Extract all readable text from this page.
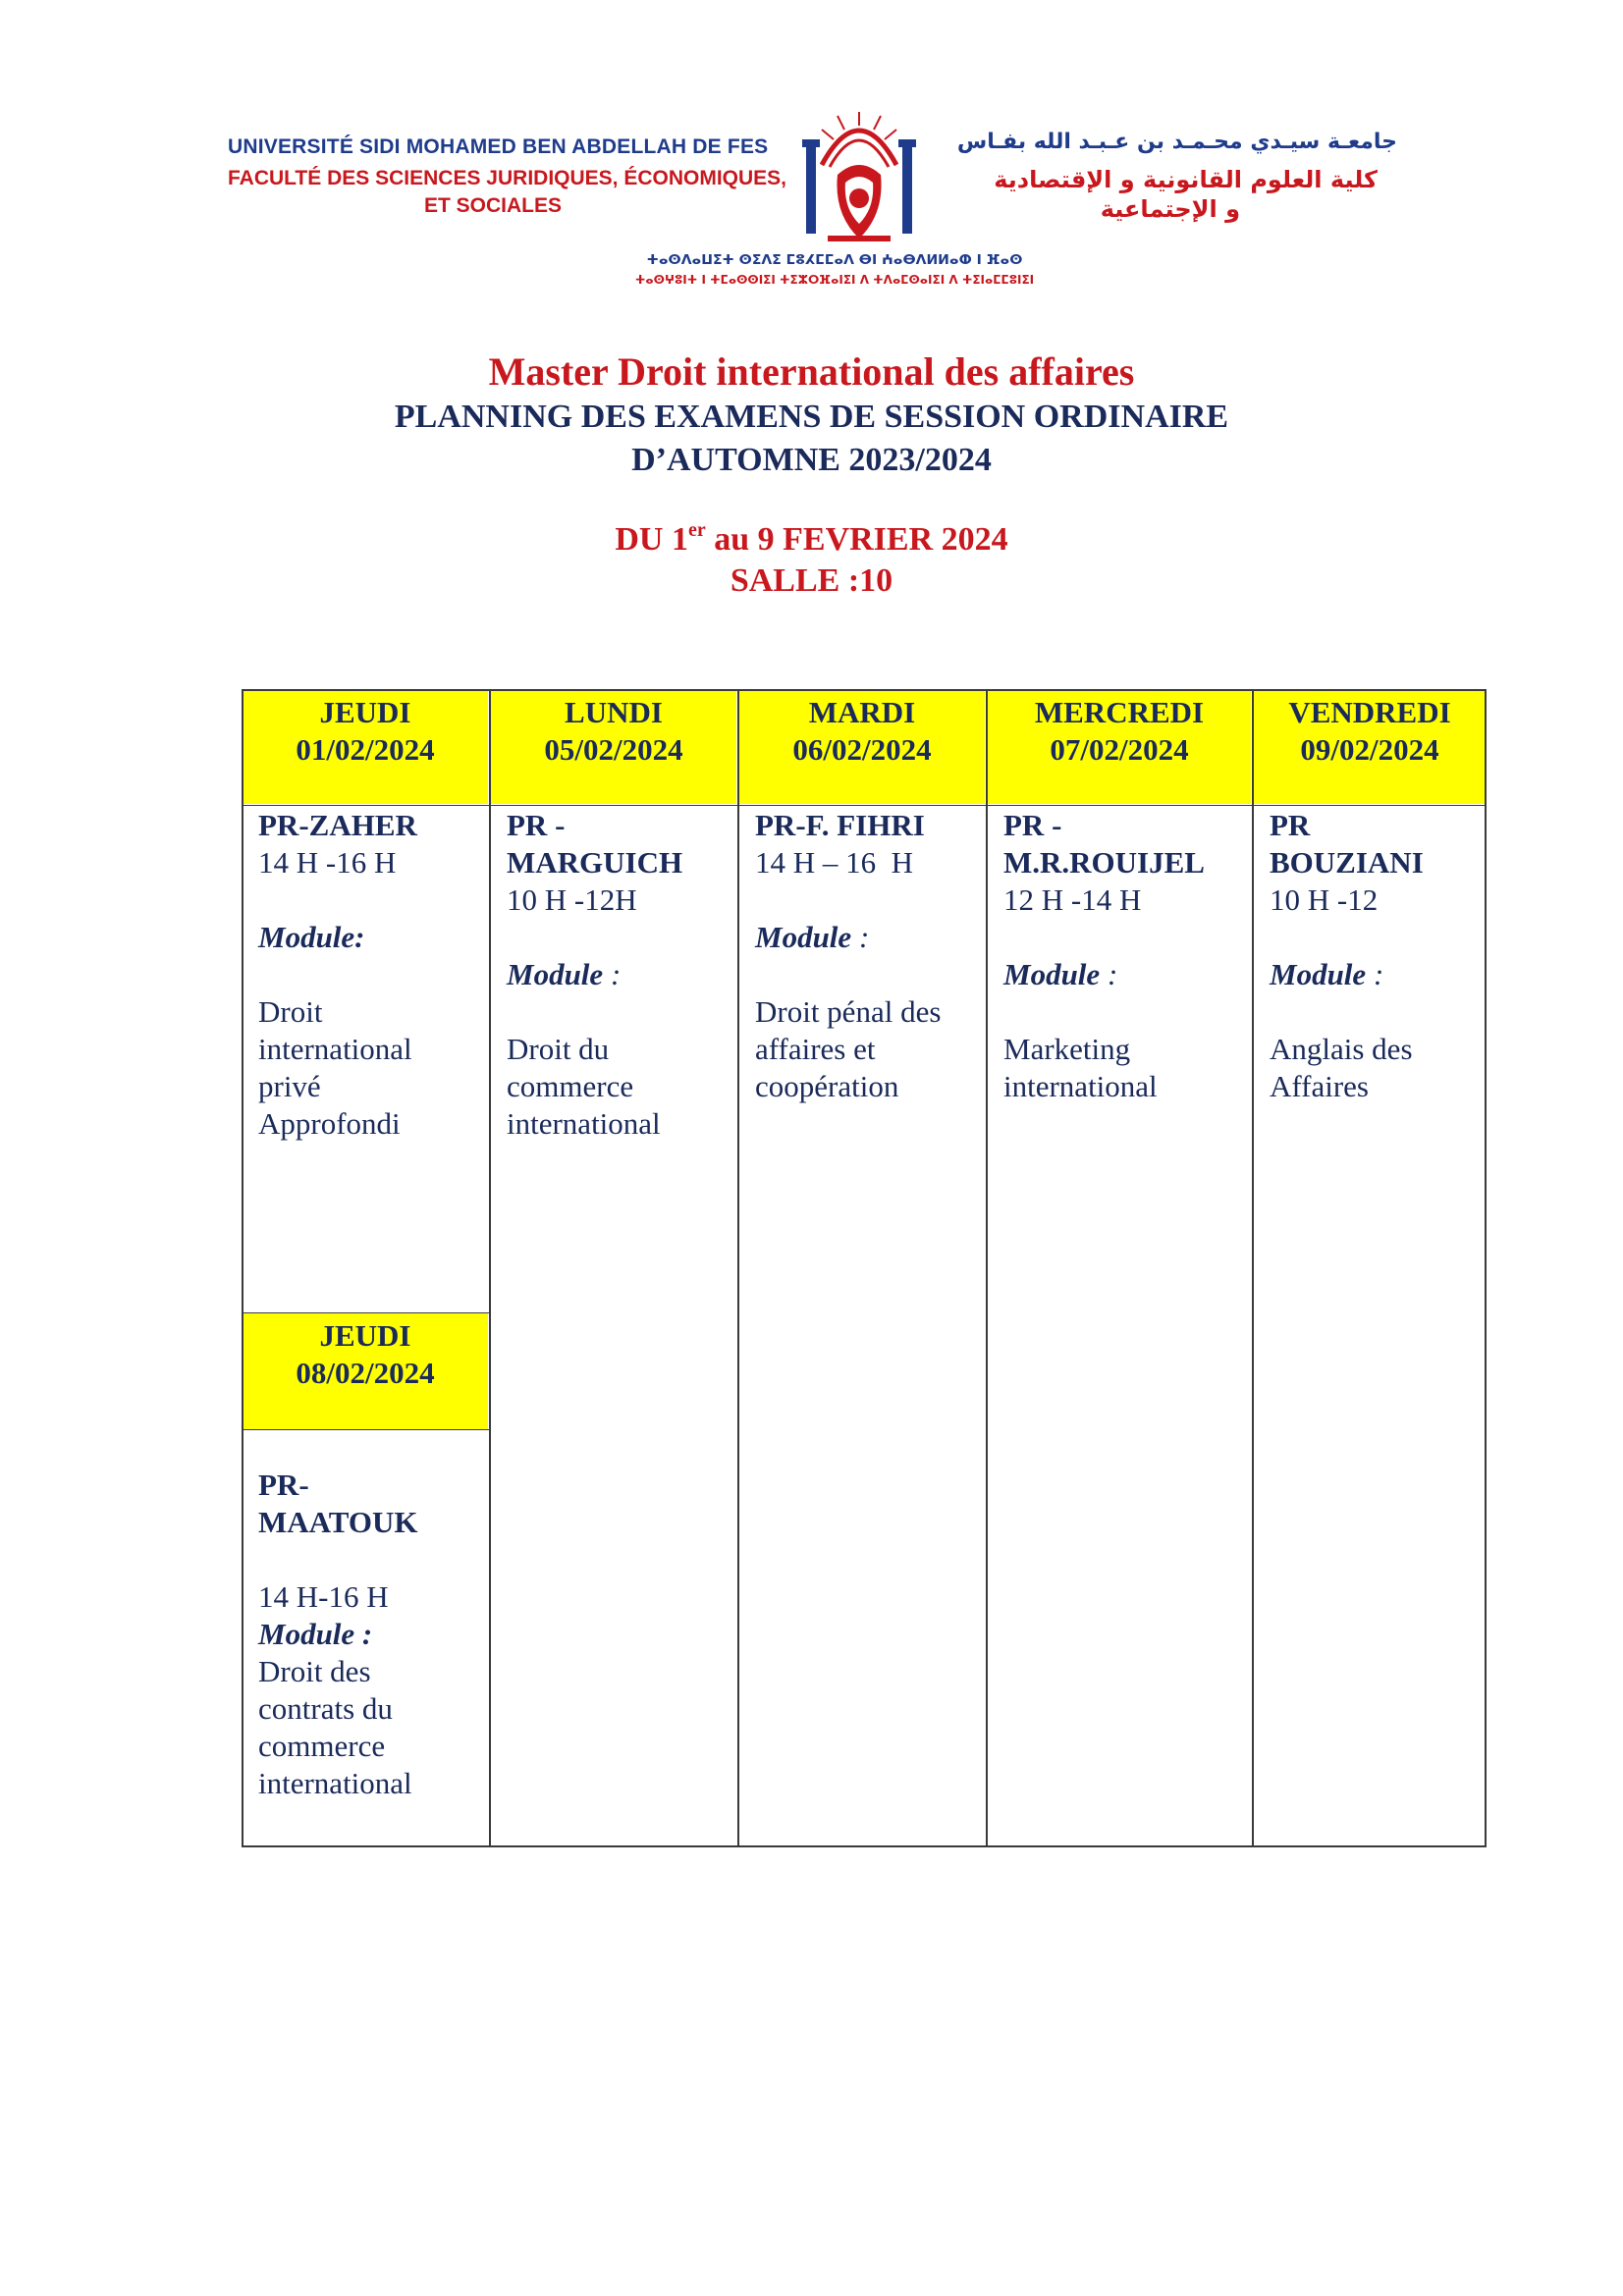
UNIVERSITÉ SIDI MOHAMED BEN ABDELLAH DE FES
FACULTÉ DES SCIENCES JURIDIQUES, ÉCONOMIQUES,
ET SOCIALES
جامعـة سيـدي محـمـد بن عـبـد الله بفـاس
كلية العلوم القانونية و الإقتصادية
و الإجتماعية
ⵜⴰⵙⴷⴰⵡⵉⵜ ⵙⵉⴷⵉ ⵎⵓⵃⵎⵎⴰⴷ ⴱⵏ ⵄⴰⴱⴷⵍⵍⴰⵀ ⵏ ⴼⴰⵙ
ⵜⴰⵙⵖⵓⵏⵜ ⵏ ⵜⵎⴰⵙⵙⵏⵉⵏ ⵜⵉⵣⵔⴼⴰⵏⵉⵏ ⴷ ⵜⴷⴰⵎⵙⴰⵏⵉⵏ ⴷ ⵜⵉⵏⴰⵎⵎⵓⵏⵉⵏ
Master Droit international des affaires
PLANNING DES EXAMENS DE SESSION ORDINAIRE
D’AUTOMNE 2023/2024
DU 1er au 9 FEVRIER 2024
SALLE :10
JEUDI
01/02/2024
LUNDI
05/02/2024
MARDI
06/02/2024
MERCREDI
07/02/2024
VENDREDI
09/02/2024
JEUDI
08/02/2024
PR-ZAHER
14 H -16 H
Module:
Droit
international
privé
Approfondi
PR -
MARGUICH
10 H -12H
Module :
Droit du
commerce
international
PR-F. FIHRI
14 H – 16  H
Module :
Droit pénal des
affaires et
coopération
PR -
M.R.ROUIJEL
12 H -14 H
Module :
Marketing
international
PR
BOUZIANI
10 H -12
Module :
Anglais des
Affaires
PR-
MAATOUK
14 H-16 H
Module :
Droit des
contrats du
commerce
international
